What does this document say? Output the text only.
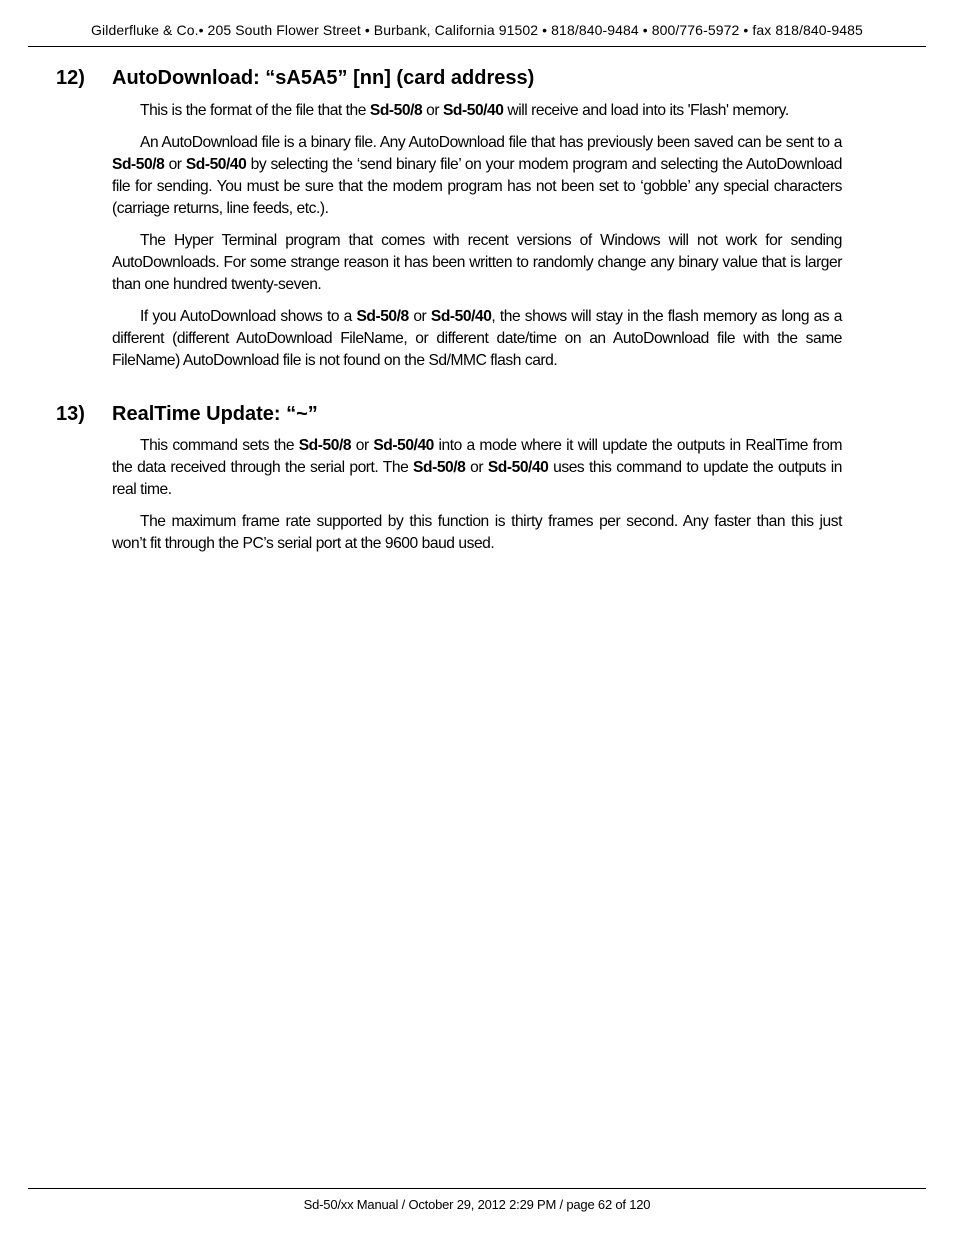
Gilderfluke & Co.• 205 South Flower Street • Burbank, California 91502 • 818/840-9484 • 800/776-5972 • fax 818/840-9485
12) AutoDownload: “sA5A5” [nn] (card address)

This is the format of the file that the Sd-50/8 or Sd-50/40 will receive and load into its 'Flash' memory.

An AutoDownload file is a binary file. Any AutoDownload file that has previously been saved can be sent to a Sd-50/8 or Sd-50/40 by selecting the ‘send binary file’ on your modem program and selecting the AutoDownload file for sending. You must be sure that the modem program has not been set to ‘gobble’ any special characters (carriage returns, line feeds, etc.).

The Hyper Terminal program that comes with recent versions of Windows will not work for sending AutoDownloads. For some strange reason it has been written to randomly change any binary value that is larger than one hundred twenty-seven.

If you AutoDownload shows to a Sd-50/8 or Sd-50/40, the shows will stay in the flash memory as long as a different (different AutoDownload FileName, or different date/time on an AutoDownload file with the same FileName) AutoDownload file is not found on the Sd/MMC flash card.

13) RealTime Update: “~”

This command sets the Sd-50/8 or Sd-50/40 into a mode where it will update the outputs in RealTime from the data received through the serial port. The Sd-50/8 or Sd-50/40 uses this command to update the outputs in real time.

The maximum frame rate supported by this function is thirty frames per second. Any faster than this just won’t fit through the PC’s serial port at the 9600 baud used.

Sd-50/xx Manual / October 29, 2012 2:29 PM / page 62 of 120
